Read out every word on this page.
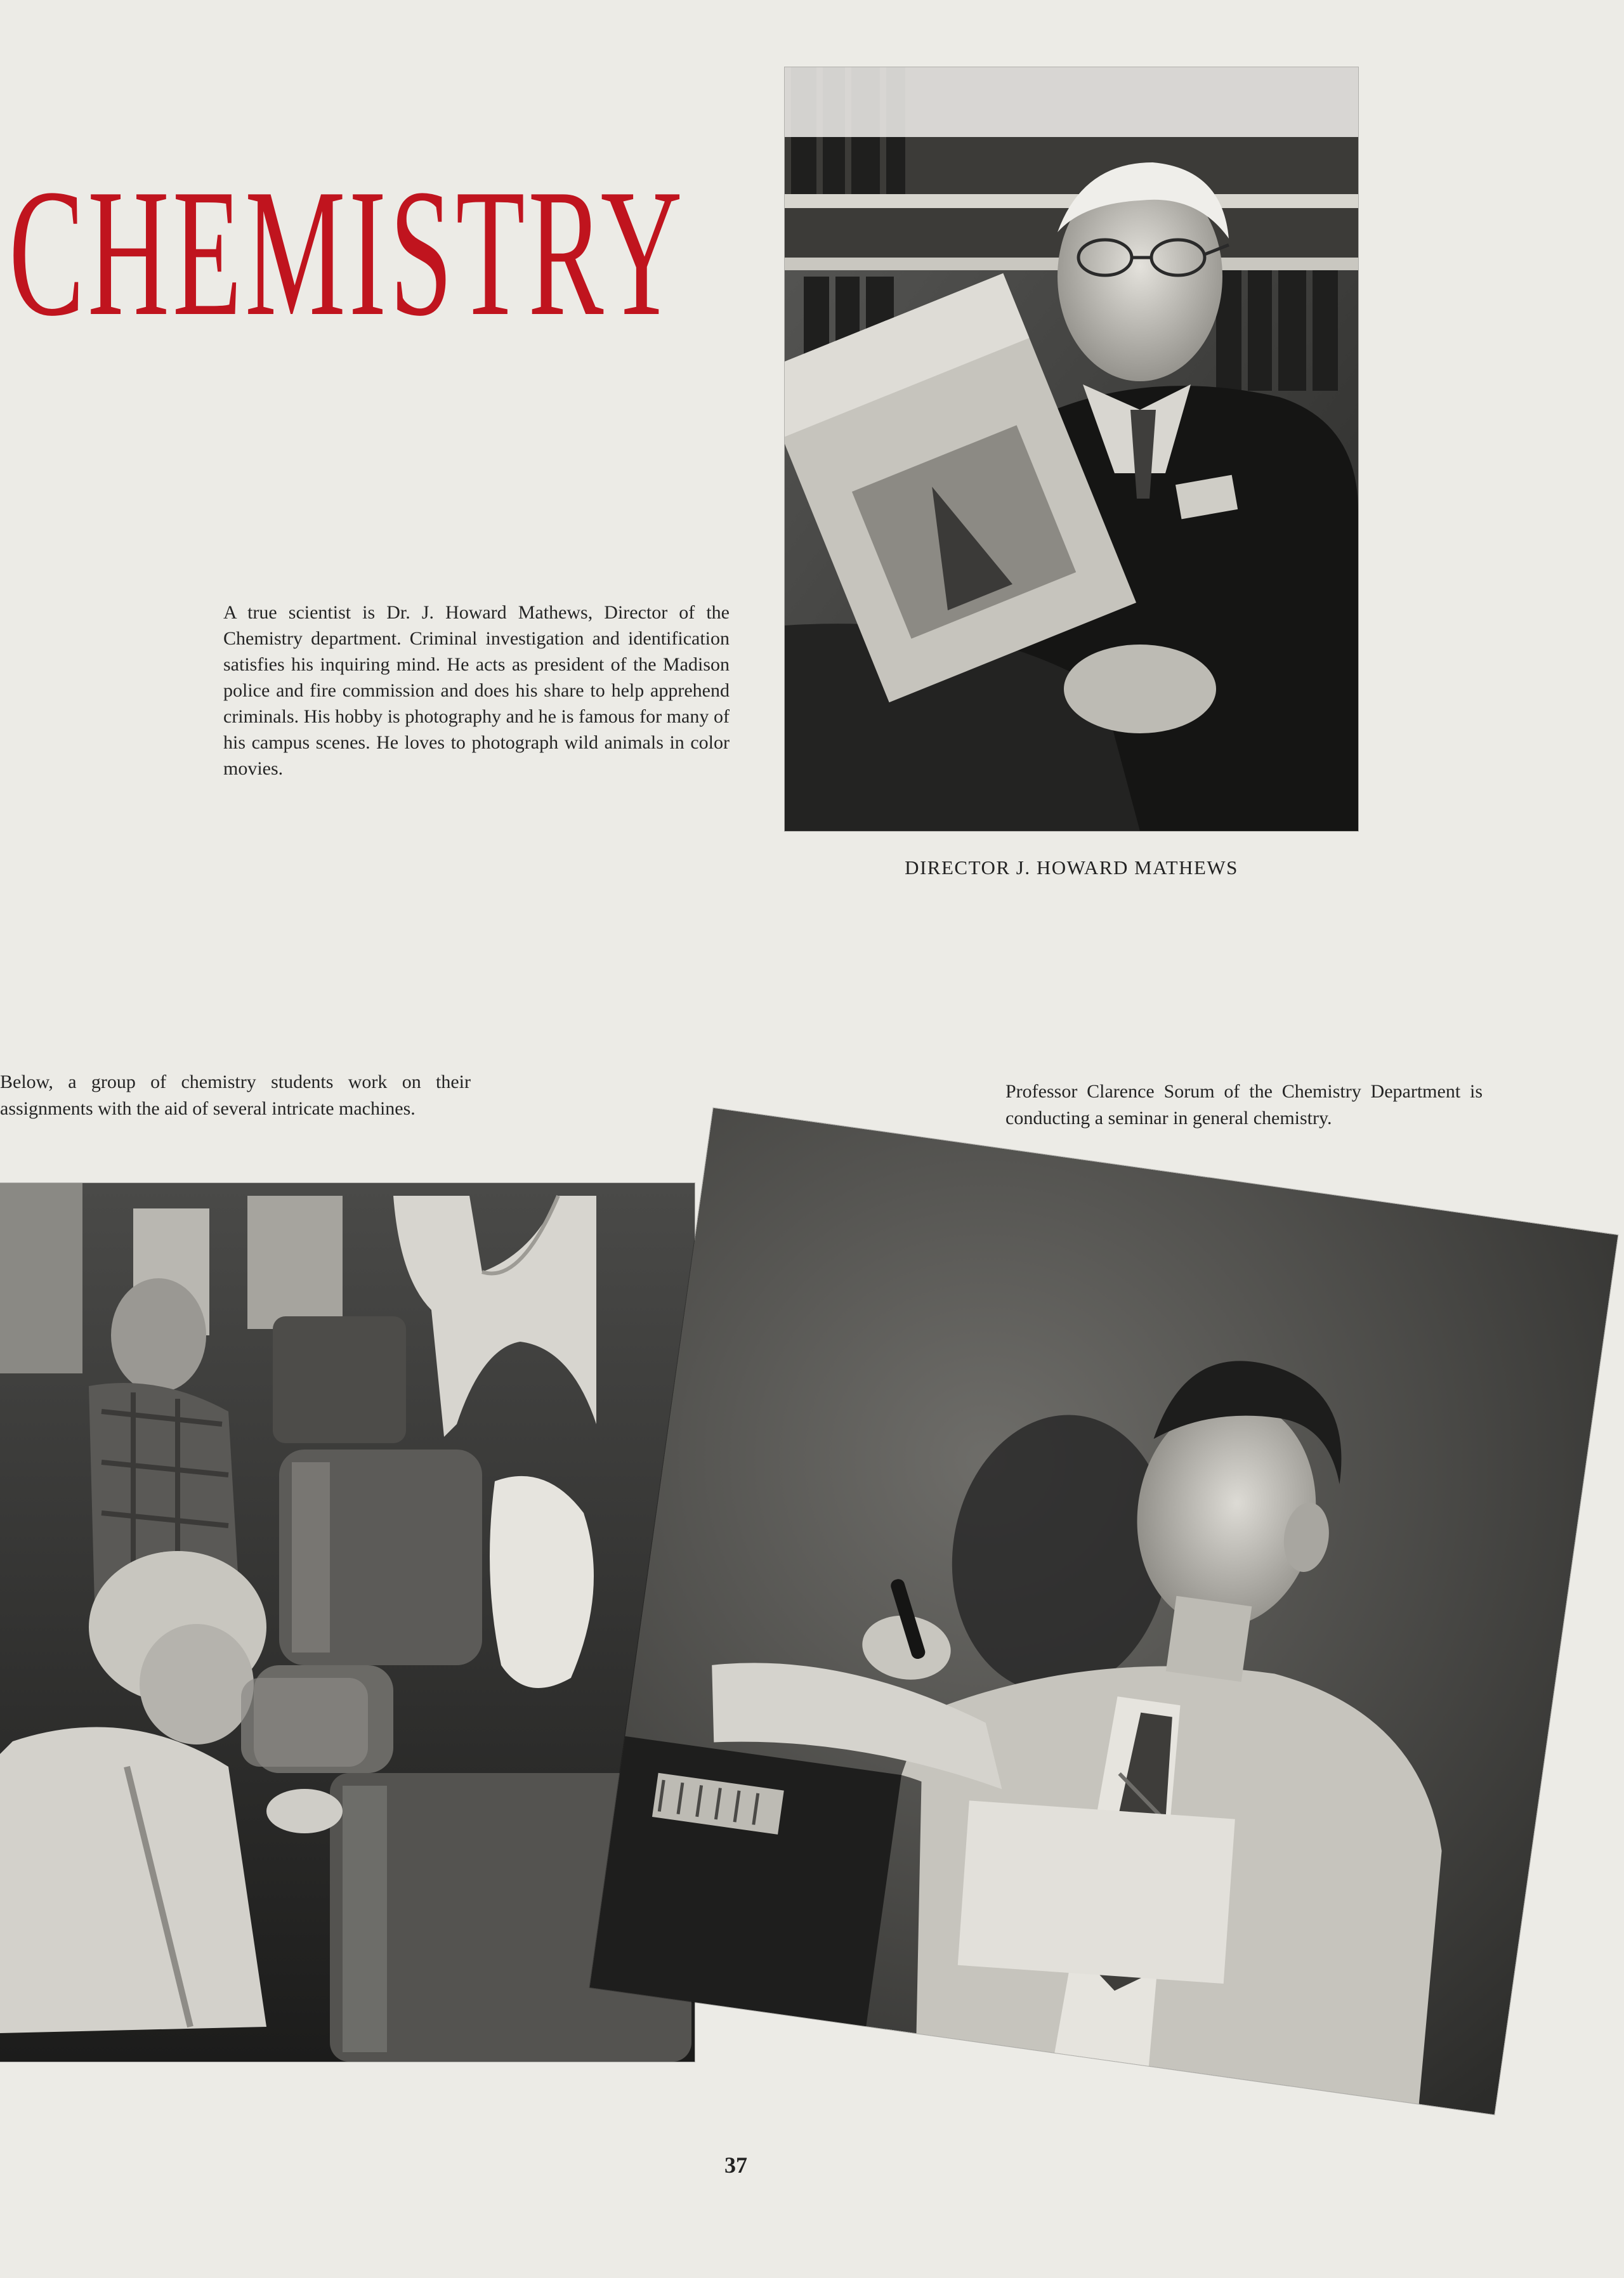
CHEMISTRY
A true scientist is Dr. J. Howard Mathews, Director of the Chemistry department. Criminal investigation and identification satisfies his inquiring mind. He acts as president of the Madison police and fire commission and does his share to help apprehend criminals. His hobby is photography and he is famous for many of his campus scenes. He loves to photograph wild animals in color movies.
DIRECTOR J. HOWARD MATHEWS
Below, a group of chemistry students work on their assignments with the aid of several intricate machines.
Professor Clarence Sorum of the Chemistry Department is conducting a seminar in general chemistry.
37
